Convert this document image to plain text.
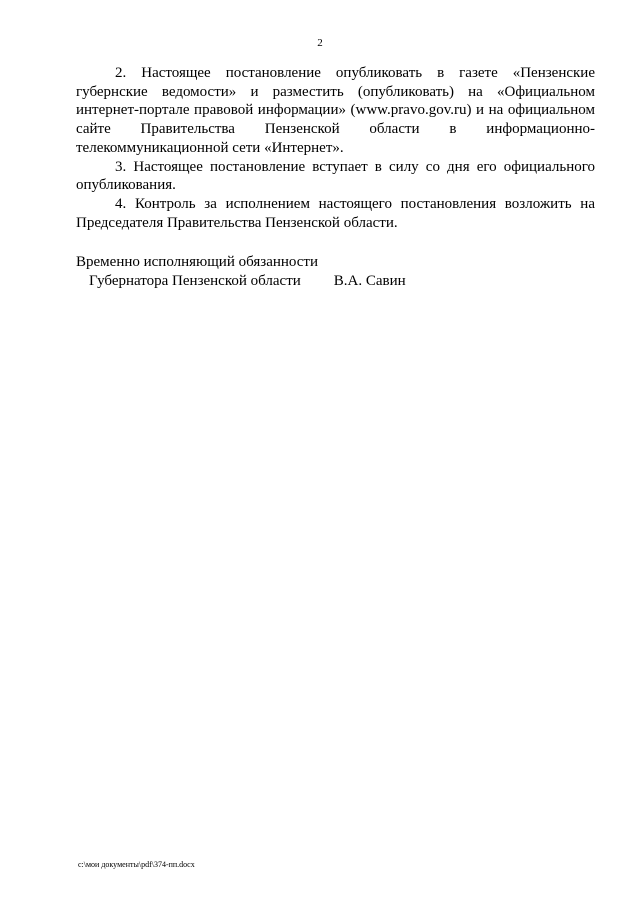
2

2. Настоящее постановление опубликовать в газете «Пензенские губернские ведомости» и разместить (опубликовать) на «Официальном интернет-портале правовой информации» (www.pravo.gov.ru) и на официальном сайте Правительства Пензенской области в информационно-телекоммуникационной сети «Интернет».

3. Настоящее постановление вступает в силу со дня его официального опубликования.

4. Контроль за исполнением настоящего постановления возложить на Председателя Правительства Пензенской области.

Временно исполняющий обязанности
Губернатора Пензенской области В.А. Савин
c:\мои документы\pdf\374-пп.docx
